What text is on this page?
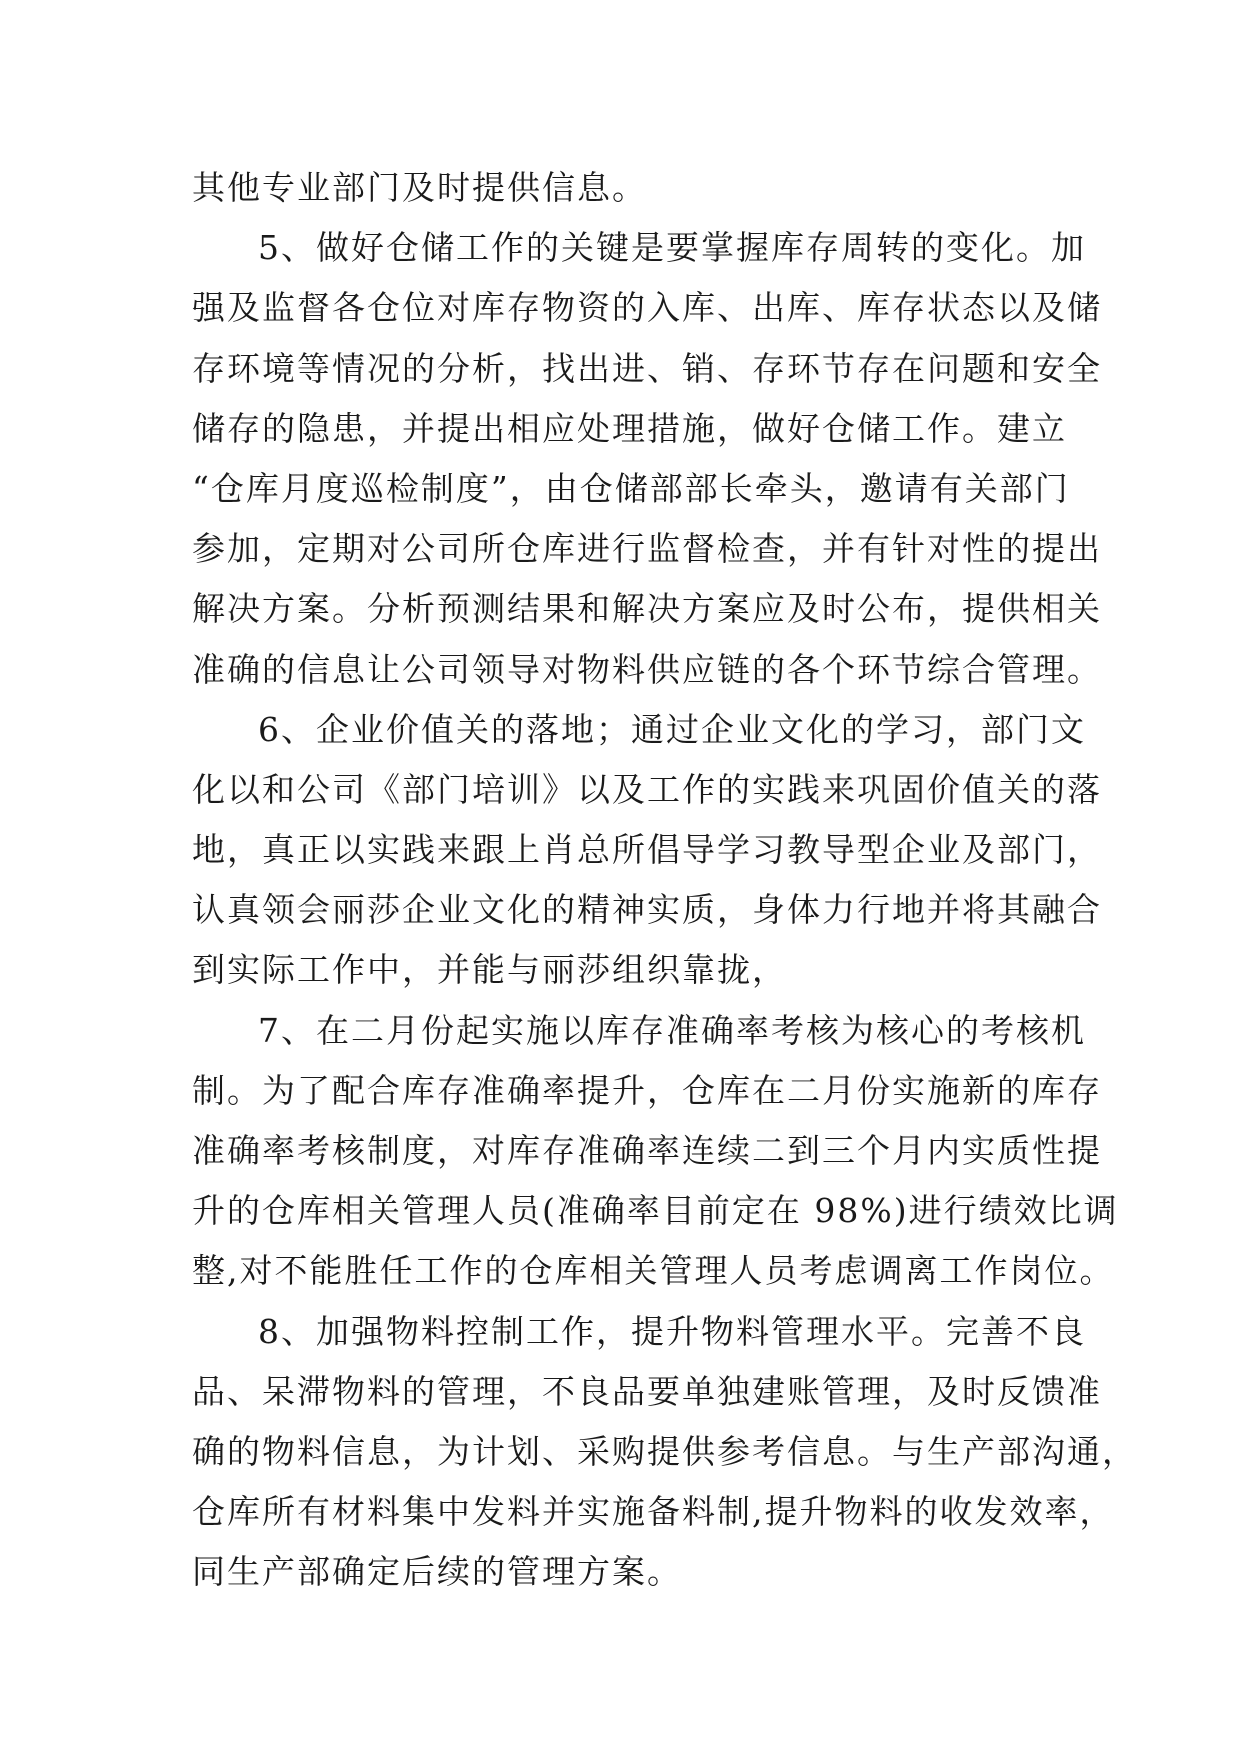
其他专业部门及时提供信息。
5、做好仓储工作的关键是要掌握库存周转的变化。加
强及监督各仓位对库存物资的入库、出库、库存状态以及储
存环境等情况的分析，找出进、销、存环节存在问题和安全
储存的隐患，并提出相应处理措施，做好仓储工作。建立
“仓库月度巡检制度”，由仓储部部长牵头，邀请有关部门
参加，定期对公司所仓库进行监督检查，并有针对性的提出
解决方案。分析预测结果和解决方案应及时公布，提供相关
准确的信息让公司领导对物料供应链的各个环节综合管理。
6、企业价值关的落地；通过企业文化的学习，部门文
化以和公司《部门培训》以及工作的实践来巩固价值关的落
地，真正以实践来跟上肖总所倡导学习教导型企业及部门，
认真领会丽莎企业文化的精神实质，身体力行地并将其融合
到实际工作中，并能与丽莎组织靠拢，
7、在二月份起实施以库存准确率考核为核心的考核机
制。为了配合库存准确率提升，仓库在二月份实施新的库存
准确率考核制度，对库存准确率连续二到三个月内实质性提
升的仓库相关管理人员(准确率目前定在 98%)进行绩效比调
整,对不能胜任工作的仓库相关管理人员考虑调离工作岗位。
8、加强物料控制工作，提升物料管理水平。完善不良
品、呆滞物料的管理，不良品要单独建账管理，及时反馈准
确的物料信息，为计划、采购提供参考信息。与生产部沟通，
仓库所有材料集中发料并实施备料制,提升物料的收发效率，
同生产部确定后续的管理方案。
